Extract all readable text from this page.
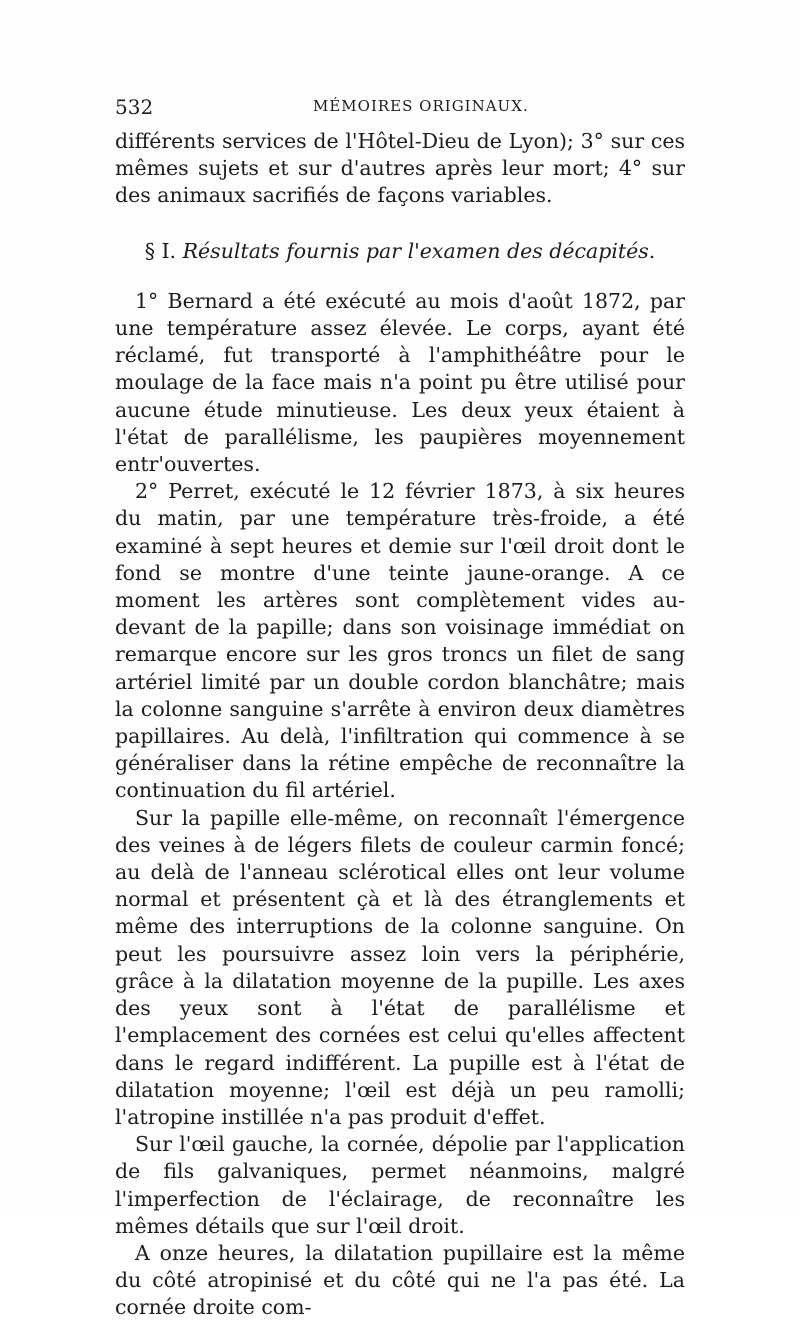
532	MÉMOIRES ORIGINAUX.

différents services de l'Hôtel-Dieu de Lyon); 3° sur ces mêmes sujets et sur d'autres après leur mort; 4° sur des animaux sacrifiés de façons variables.

§ I. Résultats fournis par l'examen des décapités.

1° Bernard a été exécuté au mois d'août 1872, par une température assez élevée. Le corps, ayant été réclamé, fut transporté à l'amphithéâtre pour le moulage de la face mais n'a point pu être utilisé pour aucune étude minutieuse. Les deux yeux étaient à l'état de parallélisme, les paupières moyennement entr'ouvertes.

2° Perret, exécuté le 12 février 1873, à six heures du matin, par une température très-froide, a été examiné à sept heures et demie sur l'œil droit dont le fond se montre d'une teinte jaune-orange. A ce moment les artères sont complètement vides au-devant de la papille; dans son voisinage immédiat on remarque encore sur les gros troncs un filet de sang artériel limité par un double cordon blanchâtre; mais la colonne sanguine s'arrête à environ deux diamètres papillaires. Au delà, l'infiltration qui commence à se généraliser dans la rétine empêche de reconnaître la continuation du fil artériel.

Sur la papille elle-même, on reconnaît l'émergence des veines à de légers filets de couleur carmin foncé; au delà de l'anneau sclérotical elles ont leur volume normal et présentent çà et là des étranglements et même des interruptions de la colonne sanguine. On peut les poursuivre assez loin vers la périphérie, grâce à la dilatation moyenne de la pupille. Les axes des yeux sont à l'état de parallélisme et l'emplacement des cornées est celui qu'elles affectent dans le regard indifférent. La pupille est à l'état de dilatation moyenne; l'œil est déjà un peu ramolli; l'atropine instillée n'a pas produit d'effet.

Sur l'œil gauche, la cornée, dépolie par l'application de fils galvaniques, permet néanmoins, malgré l'imperfection de l'éclairage, de reconnaître les mêmes détails que sur l'œil droit.

A onze heures, la dilatation pupillaire est la même du côté atropinisé et du côté qui ne l'a pas été. La cornée droite com-
